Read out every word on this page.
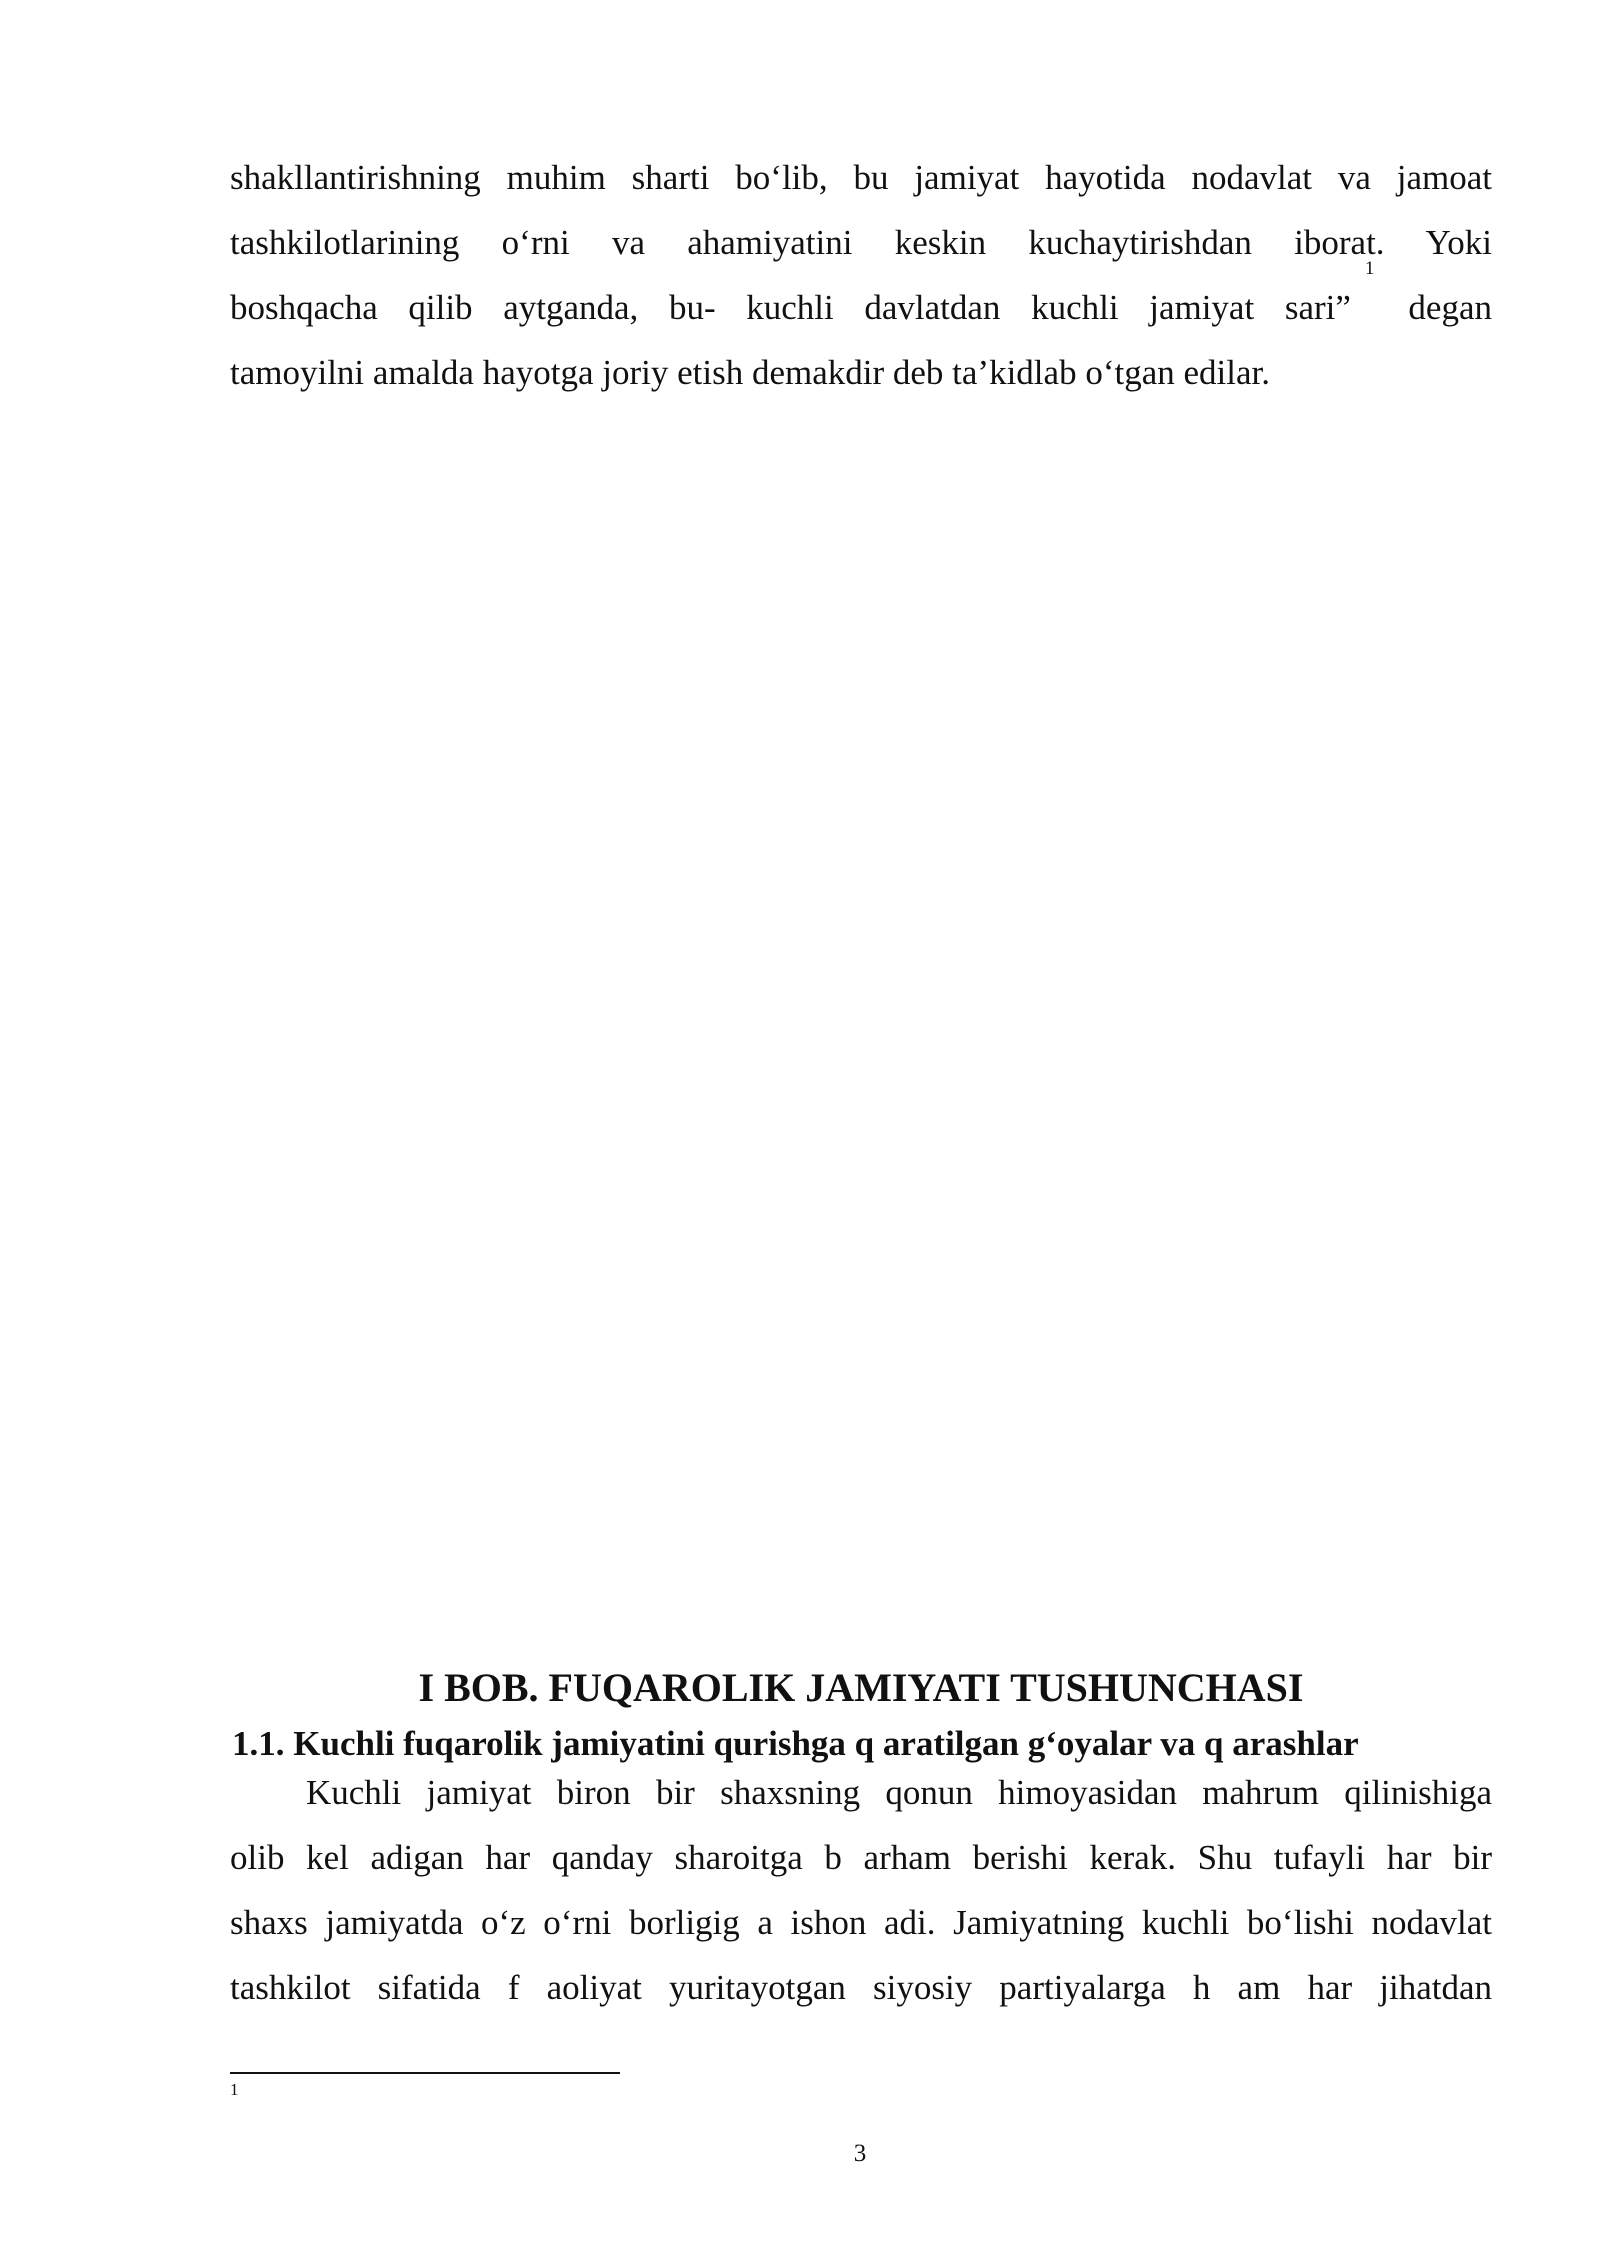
shakllantirishning muhim sharti bo‘lib, bu jamiyat hayotida nodavlat va jamoat
tashkilotlarining o‘rni va ahamiyatini keskin kuchaytirishdan iborat. Yoki
boshqacha qilib aytganda, bu- kuchli davlatdan kuchli jamiyat sari”
1
degan
tamoyilni amalda hayotga joriy etish demakdir deb ta’kidlab o‘tgan edilar.
I BOB. FUQAROLIK JAMIYATI TUSHUNCHASI
1.1. Kuchli fuqarolik jamiyatini qurishga q aratilgan g‘oyalar va q arashlar
Kuchli jamiyat biron bir shaxsning qonun himoyasidan mahrum qilinishiga
olib kel adigan har qanday sharoitga b arham berishi kerak. Shu tufayli har bir
shaxs jamiyatda o‘z o‘rni borligig a ishon adi. Jamiyatning kuchli bo‘lishi nodavlat
tashkilot sifatida f aoliyat yuritayotgan siyosiy partiyalarga h am har jihatdan
1
3
